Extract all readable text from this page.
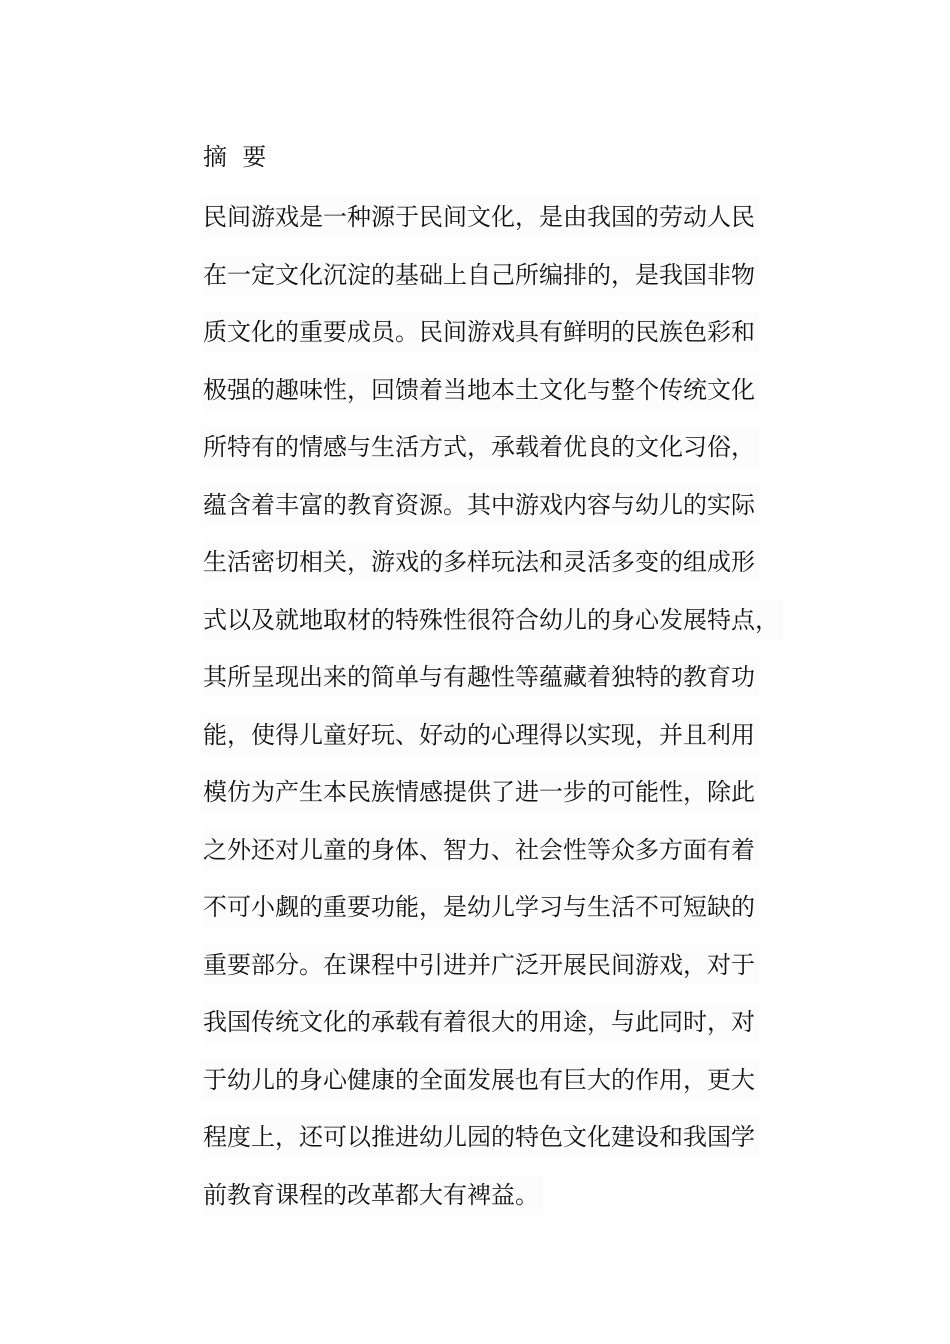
摘  要
民间游戏是一种源于民间文化，是由我国的劳动人民
在一定文化沉淀的基础上自己所编排的，是我国非物
质文化的重要成员。民间游戏具有鲜明的民族色彩和
极强的趣味性，回馈着当地本土文化与整个传统文化
所特有的情感与生活方式，承载着优良的文化习俗，
蕴含着丰富的教育资源。其中游戏内容与幼儿的实际
生活密切相关，游戏的多样玩法和灵活多变的组成形
式以及就地取材的特殊性很符合幼儿的身心发展特点，
其所呈现出来的简单与有趣性等蕴藏着独特的教育功
能，使得儿童好玩、好动的心理得以实现，并且利用
模仿为产生本民族情感提供了进一步的可能性，除此
之外还对儿童的身体、智力、社会性等众多方面有着
不可小觑的重要功能，是幼儿学习与生活不可短缺的
重要部分。在课程中引进并广泛开展民间游戏，对于
我国传统文化的承载有着很大的用途，与此同时，对
于幼儿的身心健康的全面发展也有巨大的作用，更大
程度上，还可以推进幼儿园的特色文化建设和我国学
前教育课程的改革都大有裨益。
